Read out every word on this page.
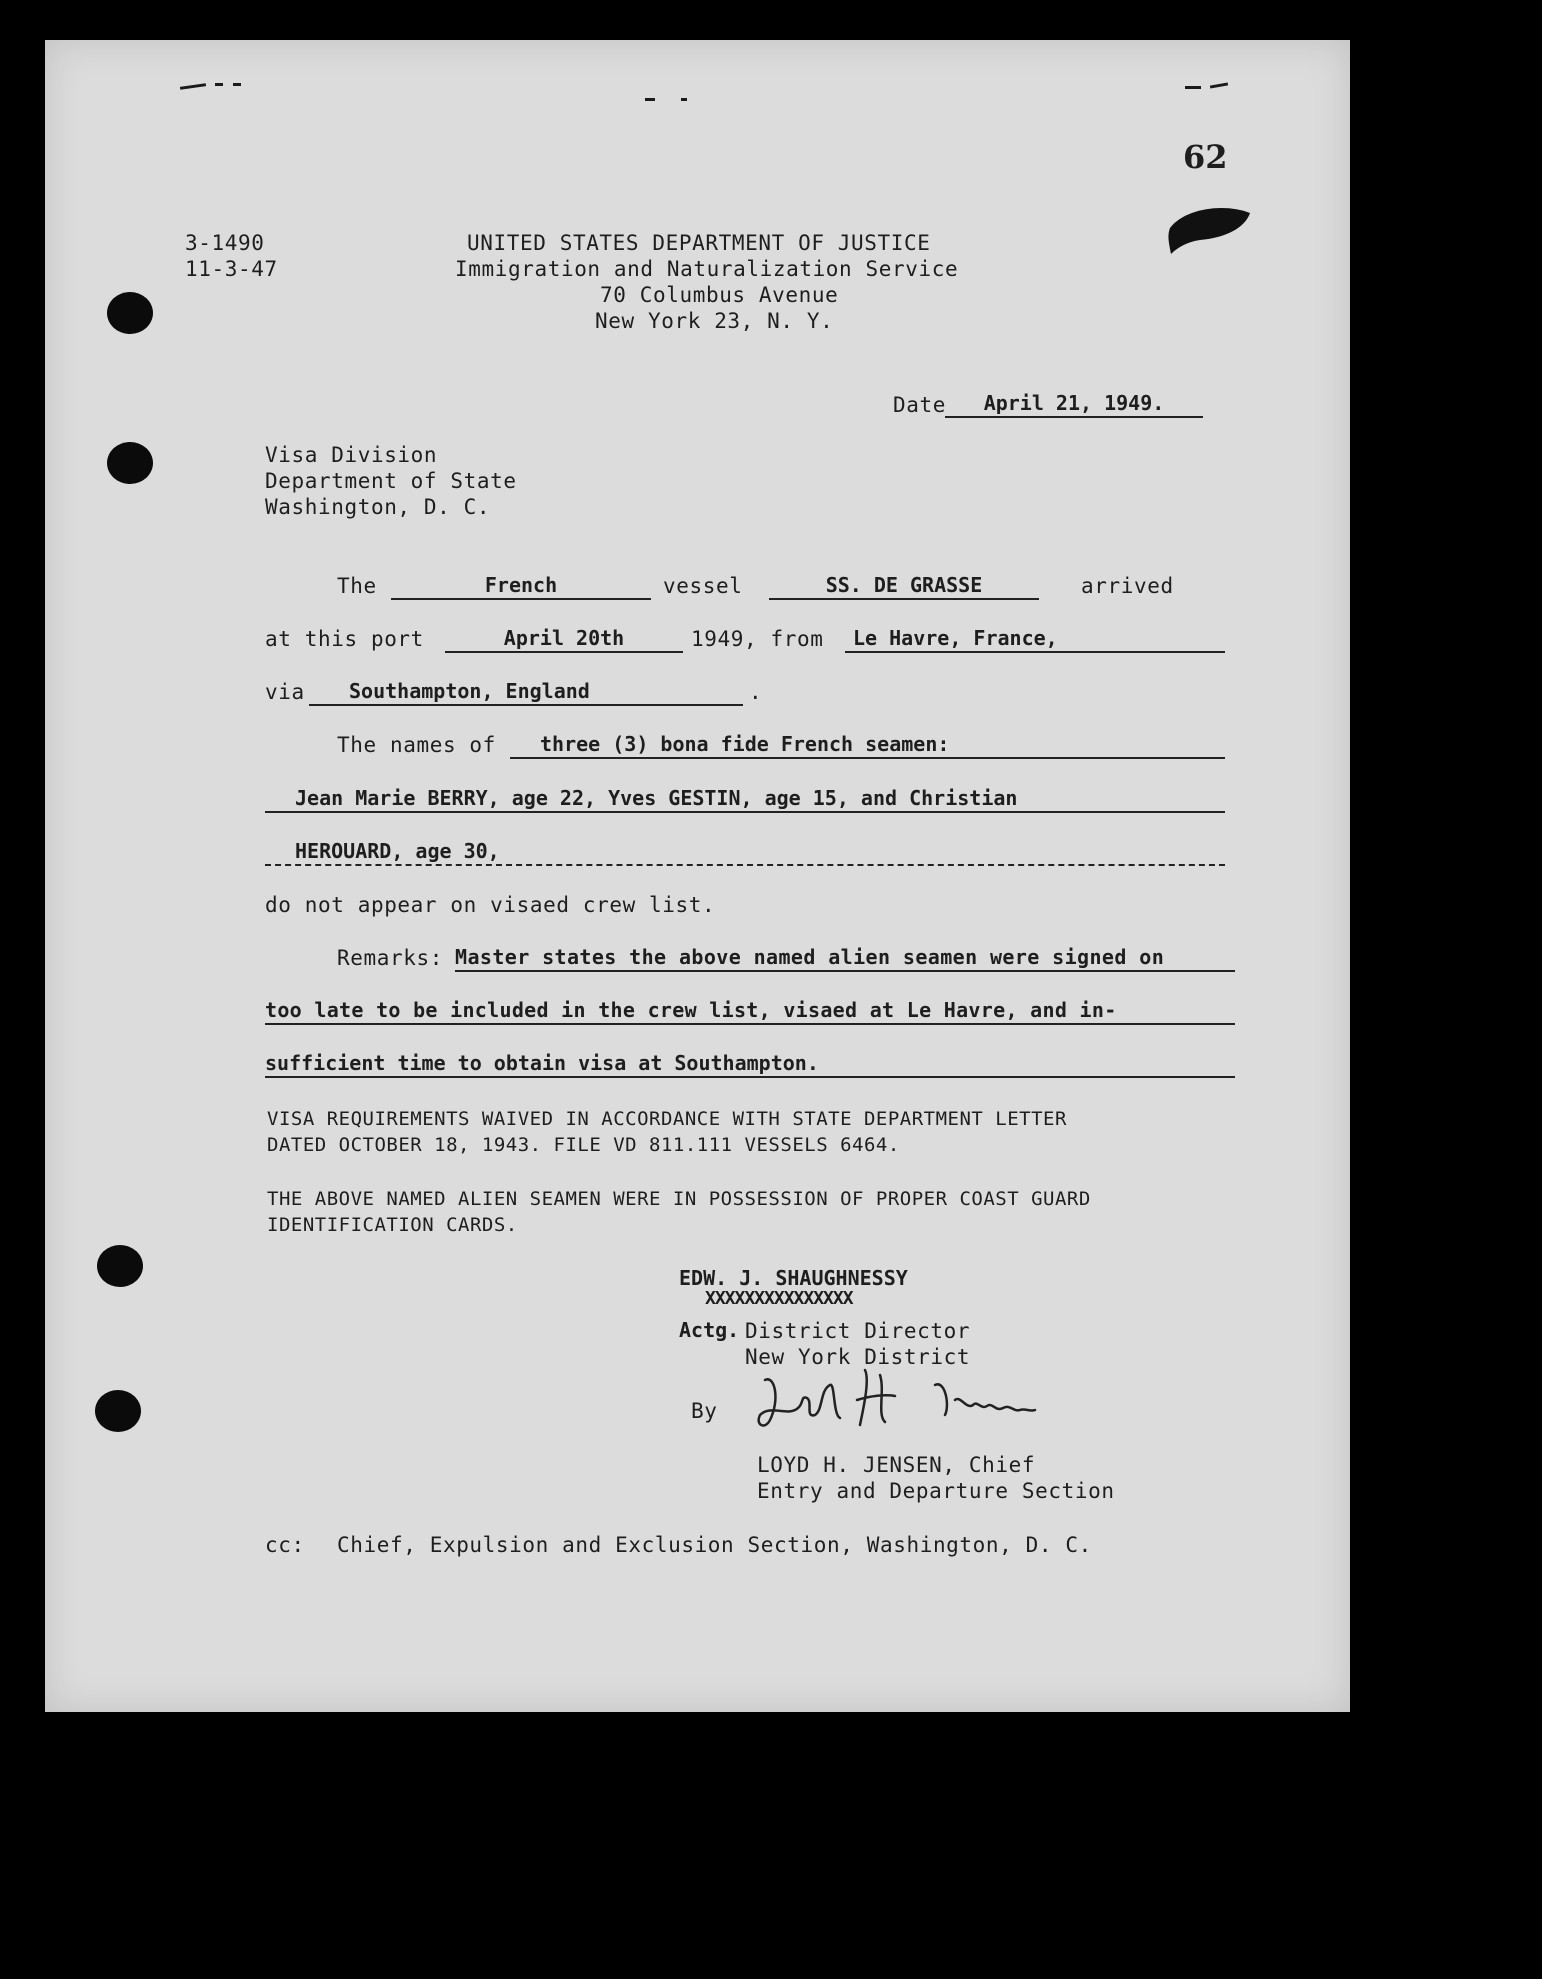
62
3-1490
11-3-47
UNITED STATES DEPARTMENT OF JUSTICE
Immigration and Naturalization Service
70 Columbus Avenue
New York 23, N. Y.
Date	April 21, 1949.
Visa Division
Department of State
Washington, D. C.
The	French	vessel	SS. DE GRASSE	arrived
at this port	April 20th	1949, from	Le Havre, France,
via	Southampton, England	.
The names of	three (3) bona fide French seamen:
Jean Marie BERRY, age 22, Yves GESTIN, age 15, and Christian
HEROUARD, age 30,
do not appear on visaed crew list.
Remarks: Master states the above named alien seamen were signed on
too late to be included in the crew list, visaed at Le Havre, and in-
sufficient time to obtain visa at Southampton.
VISA REQUIREMENTS WAIVED IN ACCORDANCE WITH STATE DEPARTMENT LETTER
DATED OCTOBER 18, 1943. FILE VD 811.111 VESSELS 6464.
THE ABOVE NAMED ALIEN SEAMEN WERE IN POSSESSION OF PROPER COAST GUARD
IDENTIFICATION CARDS.
EDW. J. SHAUGHNESSY
XXXXXXXXXXXXXXX
Actg. District Director
New York District
By
LOYD H. JENSEN, Chief
Entry and Departure Section
cc: Chief, Expulsion and Exclusion Section, Washington, D. C.
